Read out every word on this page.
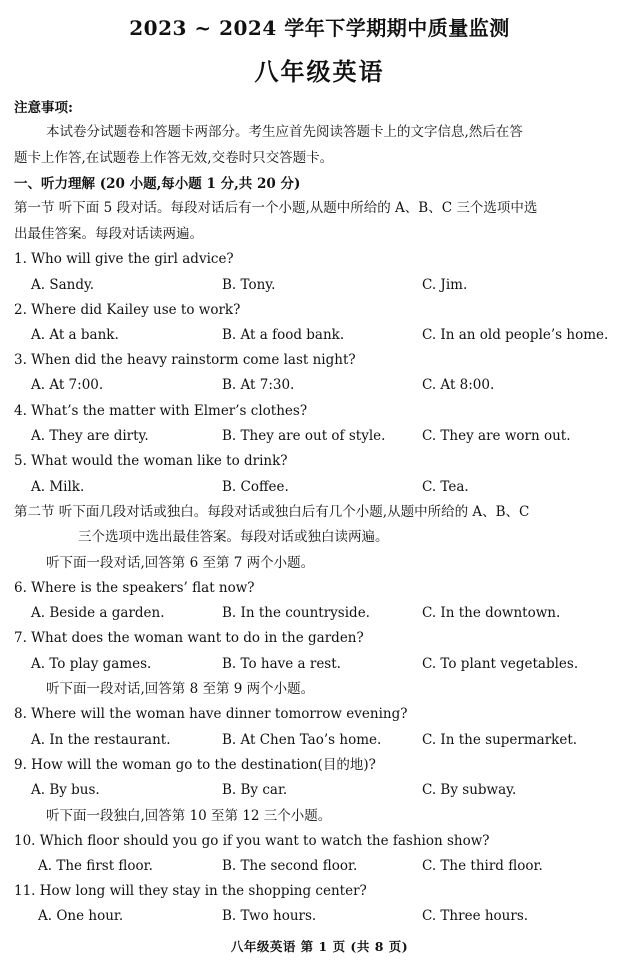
2023 ~ 2024 学年下学期期中质量监测
八年级英语
注意事项:
本试卷分试题卷和答题卡两部分。考生应首先阅读答题卡上的文字信息,然后在答
题卡上作答,在试题卷上作答无效,交卷时只交答题卡。
一、听力理解 (20 小题,每小题 1 分,共 20 分)
第一节 听下面 5 段对话。每段对话后有一个小题,从题中所给的 A、B、C 三个选项中选
出最佳答案。每段对话读两遍。
1. Who will give the girl advice?
A. Sandy.	B. Tony.	C. Jim.
2. Where did Kailey use to work?
A. At a bank.	B. At a food bank.	C. In an old people’s home.
3. When did the heavy rainstorm come last night?
A. At 7:00.	B. At 7:30.	C. At 8:00.
4. What’s the matter with Elmer’s clothes?
A. They are dirty.	B. They are out of style.	C. They are worn out.
5. What would the woman like to drink?
A. Milk.	B. Coffee.	C. Tea.
第二节 听下面几段对话或独白。每段对话或独白后有几个小题,从题中所给的 A、B、C
三个选项中选出最佳答案。每段对话或独白读两遍。
听下面一段对话,回答第 6 至第 7 两个小题。
6. Where is the speakers’ flat now?
A. Beside a garden.	B. In the countryside.	C. In the downtown.
7. What does the woman want to do in the garden?
A. To play games.	B. To have a rest.	C. To plant vegetables.
听下面一段对话,回答第 8 至第 9 两个小题。
8. Where will the woman have dinner tomorrow evening?
A. In the restaurant.	B. At Chen Tao’s home.	C. In the supermarket.
9. How will the woman go to the destination(目的地)?
A. By bus.	B. By car.	C. By subway.
听下面一段独白,回答第 10 至第 12 三个小题。
10. Which floor should you go if you want to watch the fashion show?
A. The first floor.	B. The second floor.	C. The third floor.
11. How long will they stay in the shopping center?
A. One hour.	B. Two hours.	C. Three hours.
八年级英语 第 1 页 (共 8 页)
